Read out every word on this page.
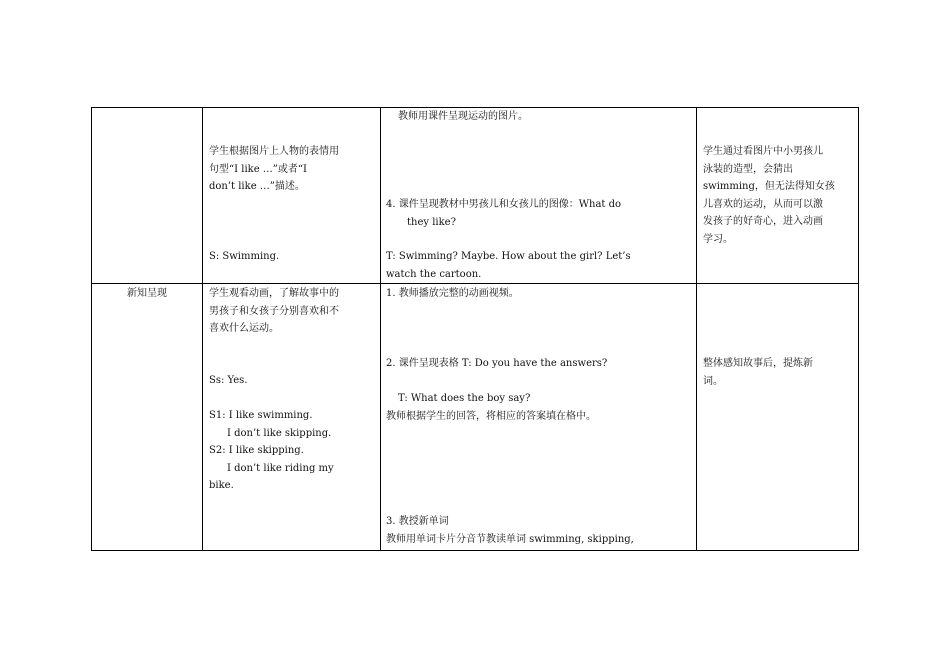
学生根据图片上人物的表情用
句型“I like …”或者“I
don’t like …”描述。
S: Swimming.
教师用课件呈现运动的图片。
4. 课件呈现教材中男孩儿和女孩儿的图像：What do
they like?
T: Swimming? Maybe. How about the girl? Let’s
watch the cartoon.
学生通过看图片中小男孩儿
泳装的造型，会猜出
swimming，但无法得知女孩
儿喜欢的运动，从而可以激
发孩子的好奇心，进入动画
学习。
新知呈现	学生观看动画，了解故事中的
男孩子和女孩子分别喜欢和不
喜欢什么运动。
Ss: Yes.
S1: I like swimming.
I don’t like skipping.
S2: I like skipping.
I don’t like riding my
bike.
1. 教师播放完整的动画视频。
2. 课件呈现表格 T: Do you have the answers?
T: What does the boy say?
教师根据学生的回答，将相应的答案填在格中。
3. 教授新单词
教师用单词卡片分音节教读单词 swimming, skipping,
整体感知故事后，提炼新
词。
